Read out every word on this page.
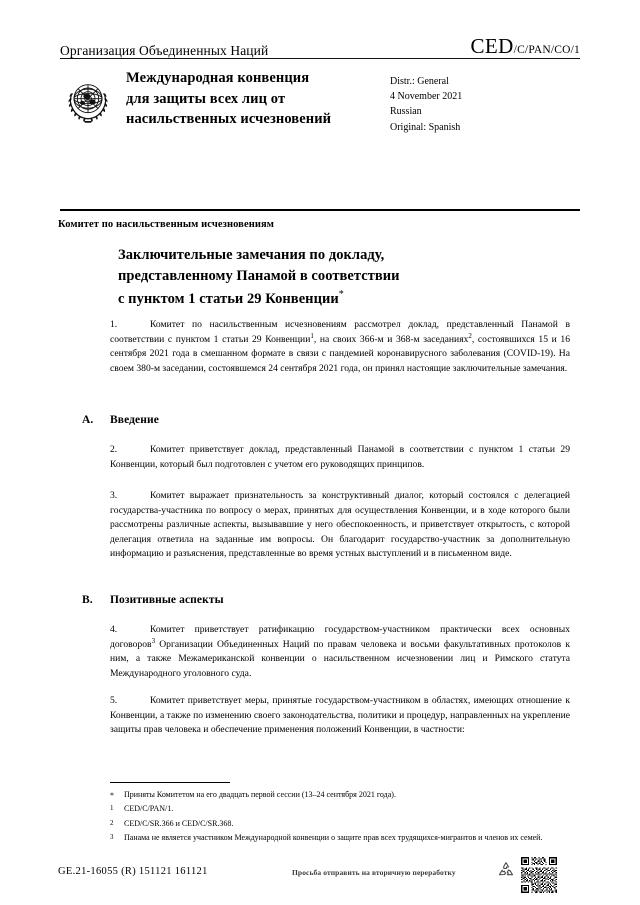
Организация Объединенных Наций	CED/C/PAN/CO/1
Международная конвенция
для защиты всех лиц от
насильственных исчезновений
Distr.: General
4 November 2021
Russian
Original: Spanish
Комитет по насильственным исчезновениям
Заключительные замечания по докладу,
представленному Панамой в соответствии
с пунктом 1 статьи 29 Конвенции*
1.	Комитет по насильственным исчезновениям рассмотрел доклад, представленный Панамой в соответствии с пунктом 1 статьи 29 Конвенции$^1$, на своих 366-м и 368-м заседаниях$^2$, состоявшихся 15 и 16 сентября 2021 года в смешанном формате в связи с пандемией коронавирусного заболевания (COVID-19). На своем 380-м заседании, состоявшемся 24 сентября 2021 года, он принял настоящие заключительные замечания.
A. Введение
2.	Комитет приветствует доклад, представленный Панамой в соответствии с пунктом 1 статьи 29 Конвенции, который был подготовлен с учетом его руководящих принципов.
3.	Комитет выражает признательность за конструктивный диалог, который состоялся с делегацией государства-участника по вопросу о мерах, принятых для осуществления Конвенции, и в ходе которого были рассмотрены различные аспекты, вызывавшие у него обеспокоенность, и приветствует открытость, с которой делегация ответила на заданные им вопросы. Он благодарит государство-участник за дополнительную информацию и разъяснения, представленные во время устных выступлений и в письменном виде.
B. Позитивные аспекты
4.	Комитет приветствует ратификацию государством-участником практически всех основных договоров$^3$ Организации Объединенных Наций по правам человека и восьми факультативных протоколов к ним, а также Межамериканской конвенции о насильственном исчезновении лиц и Римского статута Международного уголовного суда.
5.	Комитет приветствует меры, принятые государством-участником в областях, имеющих отношение к Конвенции, а также по изменению своего законодательства, политики и процедур, направленных на укрепление защиты прав человека и обеспечение применения положений Конвенции, в частности:
* Приняты Комитетом на его двадцать первой сессии (13–24 сентября 2021 года).
1 CED/C/PAN/1.
2 CED/C/SR.366 и CED/C/SR.368.
3 Панама не является участником Международной конвенции о защите прав всех трудящихся-мигрантов и членов их семей.
GE.21-16055 (R) 151121 161121	Просьба отправить на вторичную переработку
